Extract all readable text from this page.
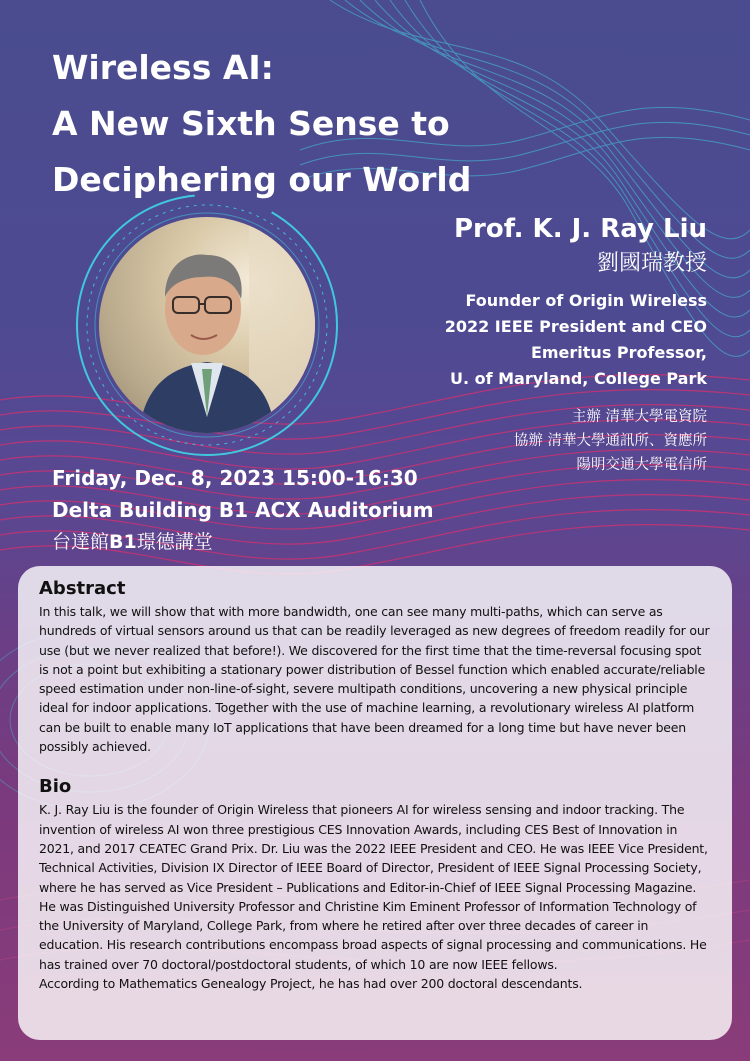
Wireless AI:
A New Sixth Sense to
Deciphering our World
Prof. K. J. Ray Liu
劉國瑞教授
Founder of Origin Wireless
2022 IEEE President and CEO
Emeritus Professor,
U. of Maryland, College Park
主辦 清華大學電資院
協辦 清華大學通訊所、資應所
陽明交通大學電信所
Friday, Dec. 8, 2023 15:00-16:30
Delta Building B1 ACX Auditorium
台達館B1璟德講堂
Abstract

In this talk, we will show that with more bandwidth, one can see many multi-paths, which can serve as hundreds of virtual sensors around us that can be readily leveraged as new degrees of freedom readily for our use (but we never realized that before!). We discovered for the first time that the time-reversal focusing spot is not a point but exhibiting a stationary power distribution of Bessel function which enabled accurate/reliable speed estimation under non-line-of-sight, severe multipath conditions, uncovering a new physical principle ideal for indoor applications. Together with the use of machine learning, a revolutionary wireless AI platform can be built to enable many IoT applications that have been dreamed for a long time but have never been possibly achieved.

Bio

K. J. Ray Liu is the founder of Origin Wireless that pioneers AI for wireless sensing and indoor tracking. The invention of wireless AI won three prestigious CES Innovation Awards, including CES Best of Innovation in 2021, and 2017 CEATEC Grand Prix. Dr. Liu was the 2022 IEEE President and CEO. He was IEEE Vice President, Technical Activities, Division IX Director of IEEE Board of Director, President of IEEE Signal Processing Society, where he has served as Vice President – Publications and Editor-in-Chief of IEEE Signal Processing Magazine. He was Distinguished University Professor and Christine Kim Eminent Professor of Information Technology of the University of Maryland, College Park, from where he retired after over three decades of career in education. His research contributions encompass broad aspects of signal processing and communications. He has trained over 70 doctoral/postdoctoral students, of which 10 are now IEEE fellows.

According to Mathematics Genealogy Project, he has had over 200 doctoral descendants.
